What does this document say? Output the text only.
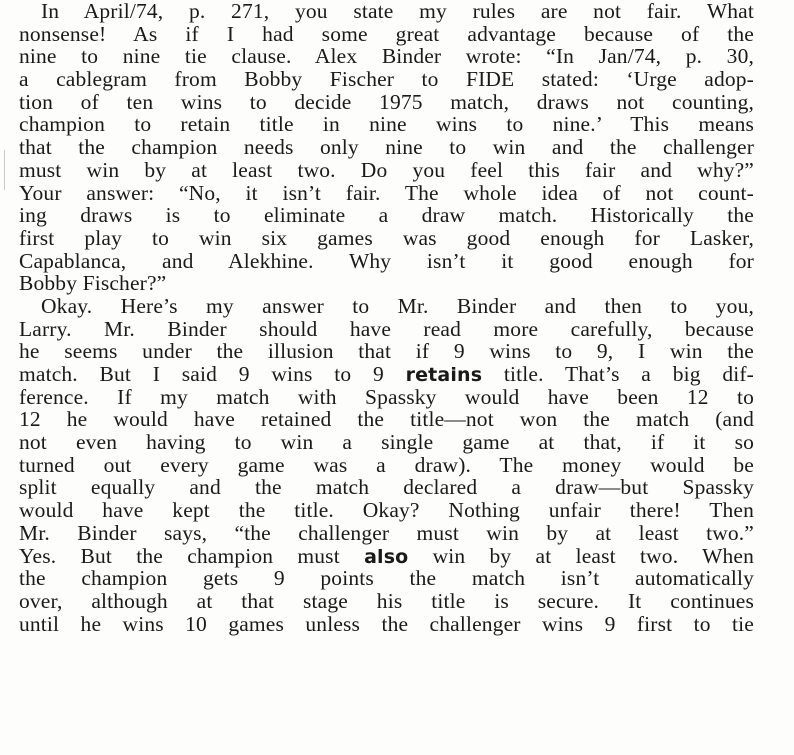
In April/74, p. 271, you state my rules are not fair. What
nonsense! As if I had some great advantage because of the
nine to nine tie clause. Alex Binder wrote: “In Jan/74, p. 30,
a cablegram from Bobby Fischer to FIDE stated: ‘Urge adop-
tion of ten wins to decide 1975 match, draws not counting,
champion to retain title in nine wins to nine.’ This means
that the champion needs only nine to win and the challenger
must win by at least two. Do you feel this fair and why?”
Your answer: “No, it isn’t fair. The whole idea of not count-
ing draws is to eliminate a draw match. Historically the
first play to win six games was good enough for Lasker,
Capablanca, and Alekhine. Why isn’t it good enough for
Bobby Fischer?”
Okay. Here’s my answer to Mr. Binder and then to you,
Larry. Mr. Binder should have read more carefully, because
he seems under the illusion that if 9 wins to 9, I win the
match. But I said 9 wins to 9 retains title. That’s a big dif-
ference. If my match with Spassky would have been 12 to
12 he would have retained the title—not won the match (and
not even having to win a single game at that, if it so
turned out every game was a draw). The money would be
split equally and the match declared a draw—but Spassky
would have kept the title. Okay? Nothing unfair there! Then
Mr. Binder says, “the challenger must win by at least two.”
Yes. But the champion must also win by at least two. When
the champion gets 9 points the match isn’t automatically
over, although at that stage his title is secure. It continues
until he wins 10 games unless the challenger wins 9 first to tie
